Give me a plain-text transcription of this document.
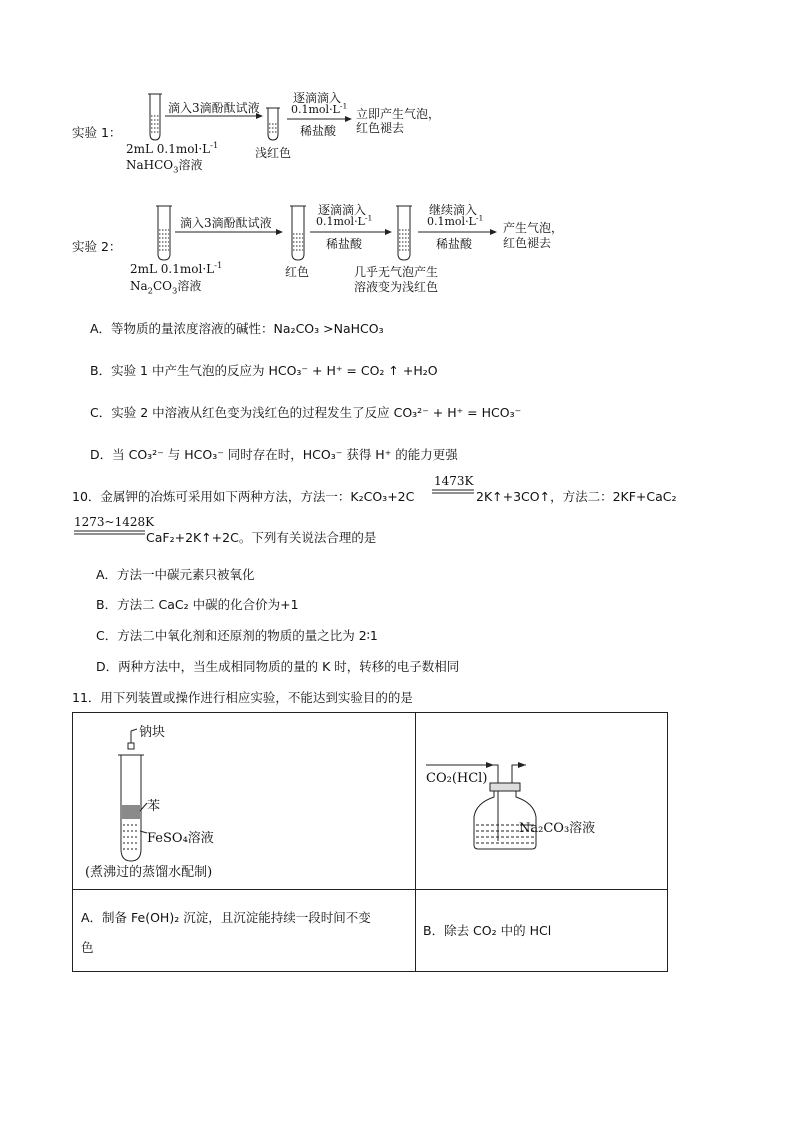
实验 1：
滴入3滴酚酞试液
2mL $0.1mol\cdot L^{-1}$
NaHCO$_3$溶液
逐滴滴入
$0.1mol\cdot L^{-1}$
稀盐酸
浅红色
立即产生气泡，
红色褪去
实验 2：
滴入3滴酚酞试液
2mL $0.1mol\cdot L^{-1}$
$Na_2CO_3$溶液
逐滴滴入
$0.1mol\cdot L^{-1}$
稀盐酸
红色
继续滴入
$0.1mol\cdot L^{-1}$
稀盐酸
几乎无气泡产生
溶液变为浅红色
产生气泡，
红色褪去
A．等物质的量浓度溶液的碱性：Na₂CO₃ >NaHCO₃
B．实验 1 中产生气泡的反应为 HCO₃⁻ + H⁺ = CO₂ ↑ +H₂O
C．实验 2 中溶液从红色变为浅红色的过程发生了反应 CO₃²⁻ + H⁺ = HCO₃⁻
D．当 CO₃²⁻ 与 HCO₃⁻ 同时存在时，HCO₃⁻ 获得 H⁺ 的能力更强
10．金属钾的冶炼可采用如下两种方法，方法一：K₂CO₃+2C
1473K
2K↑+3CO↑，方法二：2KF+CaC₂
1273~1428K
CaF₂+2K↑+2C。下列有关说法合理的是
A．方法一中碳元素只被氧化
B．方法二 CaC₂ 中碳的化合价为+1
C．方法二中氧化剂和还原剂的物质的量之比为 2∶1
D．两种方法中，当生成相同物质的量的 K 时，转移的电子数相同
11．用下列装置或操作进行相应实验，不能达到实验目的的是
钠块
苯
FeSO₄溶液
(煮沸过的蒸馏水配制)
CO₂(HCl)
Na₂CO₃溶液
A．制备 Fe(OH)₂ 沉淀，且沉淀能持续一段时间不变
色
B．除去 CO₂ 中的 HCl
